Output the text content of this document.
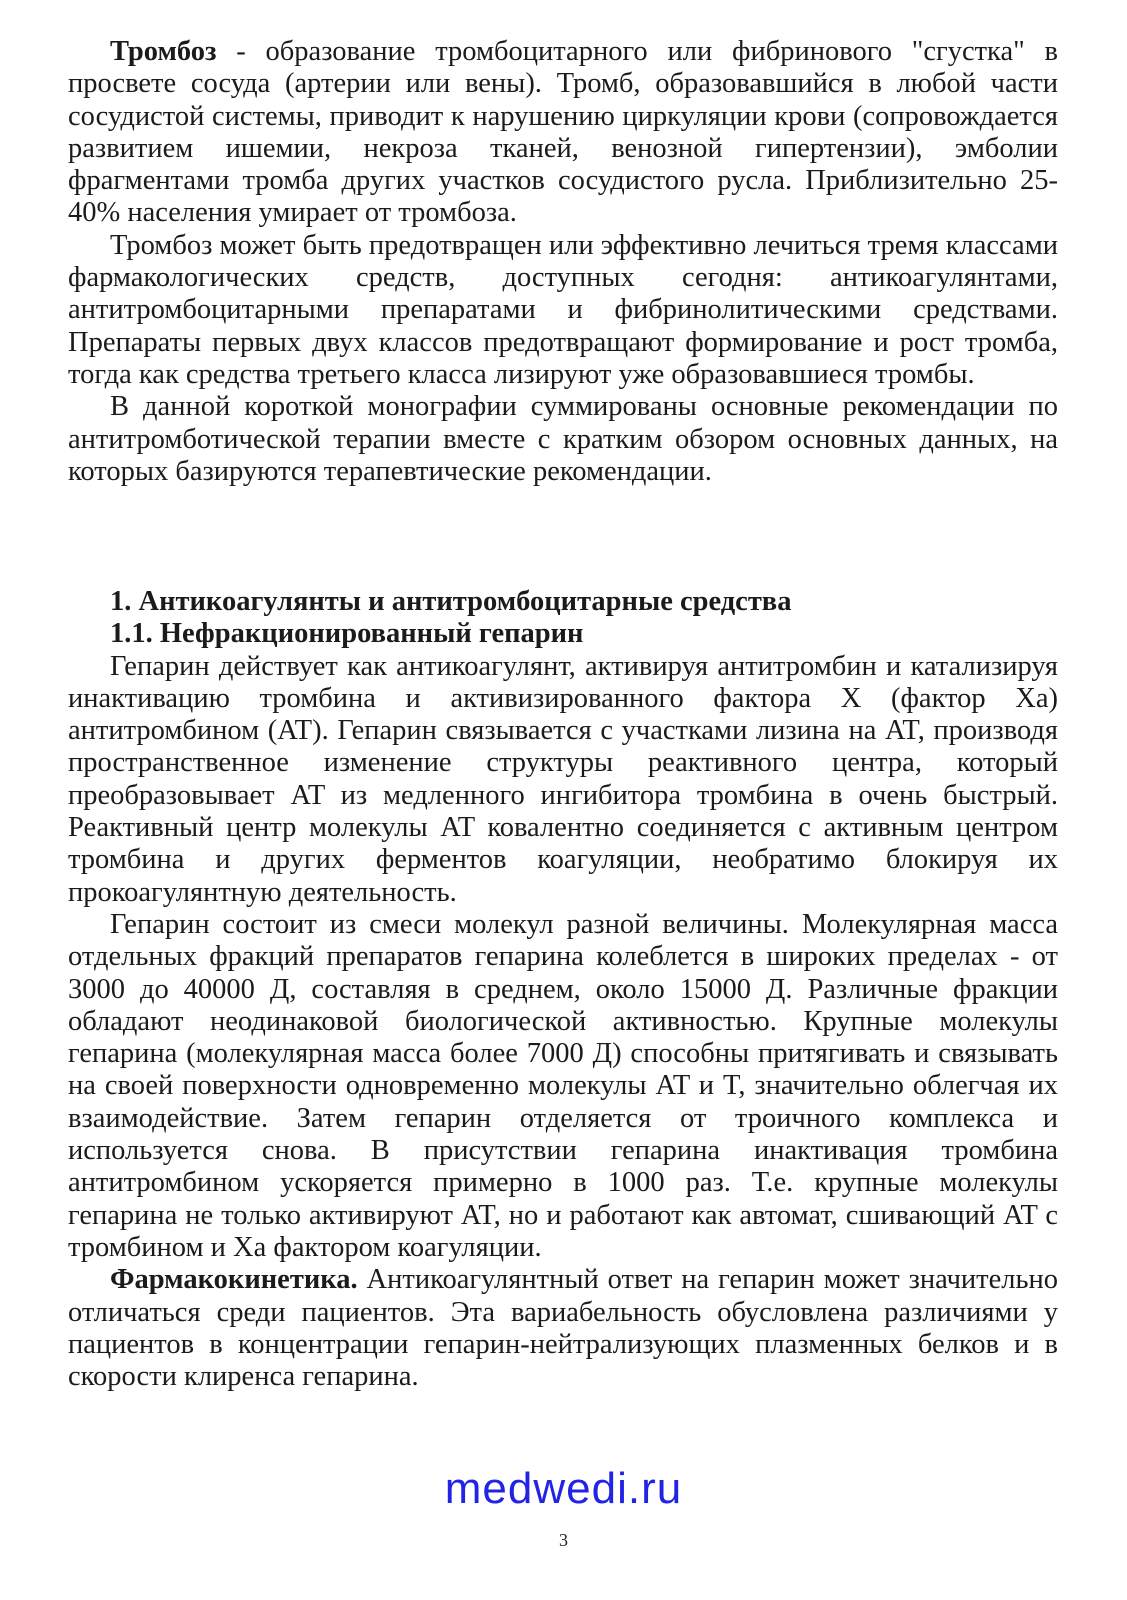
Тромбоз - образование тромбоцитарного или фибринового "сгустка" в просвете сосуда (артерии или вены). Тромб, образовавшийся в любой части сосудистой системы, приводит к нарушению циркуляции крови (сопровождается развитием ишемии, некроза тканей, венозной гипертензии), эмболии фрагментами тромба других участков сосудистого русла. Приблизительно 25-40% населения умирает от тромбоза.

Тромбоз может быть предотвращен или эффективно лечиться тремя классами фармакологических средств, доступных сегодня: антикоагулянтами, антитромбоцитарными препаратами и фибринолитическими средствами. Препараты первых двух классов предотвращают формирование и рост тромба, тогда как средства третьего класса лизируют уже образовавшиеся тромбы.

В данной короткой монографии суммированы основные рекомендации по антитромботической терапии вместе с кратким обзором основных данных, на которых базируются терапевтические рекомендации.

1. Антикоагулянты и антитромбоцитарные средства

1.1. Нефракционированный гепарин

Гепарин действует как антикоагулянт, активируя антитромбин и катализируя инактивацию тромбина и активизированного фактора X (фактор Xa) антитромбином (AT). Гепарин связывается с участками лизина на AT, производя пространственное изменение структуры реактивного центра, который преобразовывает AT из медленного ингибитора тромбина в очень быстрый. Реактивный центр молекулы AT ковалентно соединяется с активным центром тромбина и других ферментов коагуляции, необратимо блокируя их прокоагулянтную деятельность.

Гепарин состоит из смеси молекул разной величины. Молекулярная масса отдельных фракций препаратов гепарина колеблется в широких пределах - от 3000 до 40000 Д, составляя в среднем, около 15000 Д. Различные фракции обладают неодинаковой биологической активностью. Крупные молекулы гепарина (молекулярная масса более 7000 Д) способны притягивать и связывать на своей поверхности одновременно молекулы AT и T, значительно облегчая их взаимодействие. Затем гепарин отделяется от троичного комплекса и используется снова. В присутствии гепарина инактивация тромбина антитромбином ускоряется примерно в 1000 раз. Т.е. крупные молекулы гепарина не только активируют AT, но и работают как автомат, сшивающий AT с тромбином и Xa фактором коагуляции.

Фармакокинетика. Антикоагулянтный ответ на гепарин может значительно отличаться среди пациентов. Эта вариабельность обусловлена различиями у пациентов в концентрации гепарин-нейтрализующих плазменных белков и в скорости клиренса гепарина.

medwedi.ru
3
